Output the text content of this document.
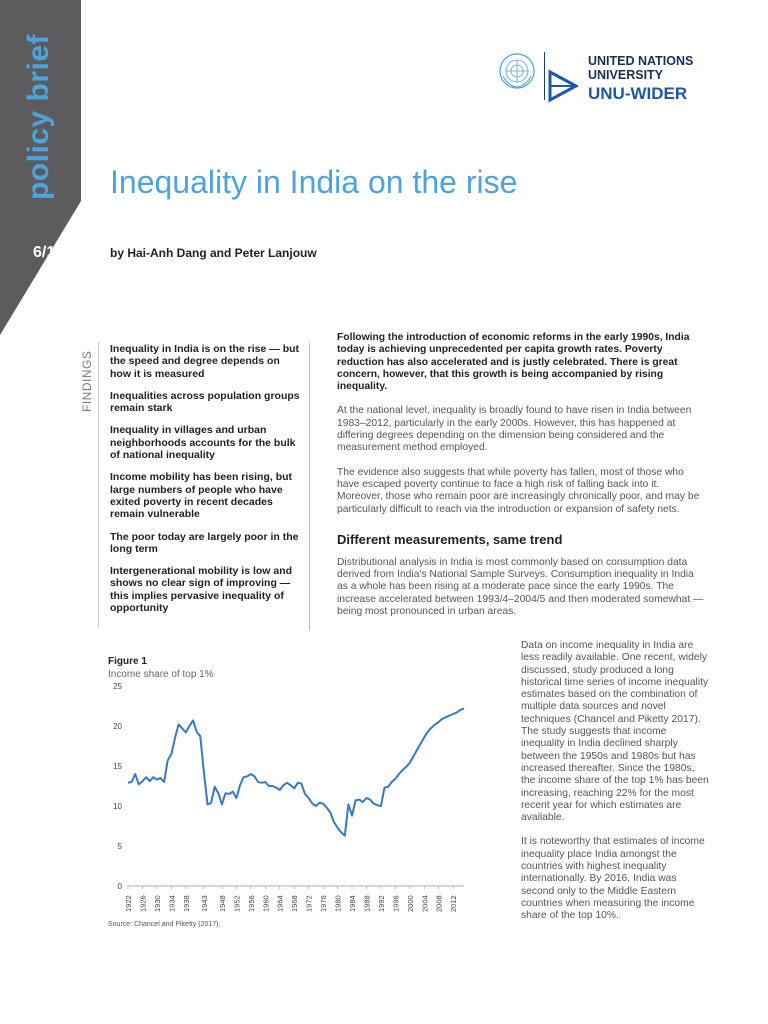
policy brief
6/18
UNITED NATIONS
UNIVERSITY
UNU-WIDER
Inequality in India on the rise
by Hai-Anh Dang and Peter Lanjouw
FINDINGS

Inequality in India is on the rise — but the speed and degree depends on how it is measured

Inequalities across population groups remain stark

Inequality in villages and urban neighborhoods accounts for the bulk of national inequality

Income mobility has been rising, but large numbers of people who have exited poverty in recent decades remain vulnerable

The poor today are largely poor in the long term

Intergenerational mobility is low and shows no clear sign of improving — this implies pervasive inequality of opportunity

Following the introduction of economic reforms in the early 1990s, India today is achieving unprecedented per capita growth rates. Poverty reduction has also accelerated and is justly celebrated. There is great concern, however, that this growth is being accompanied by rising inequality.

At the national level, inequality is broadly found to have risen in India between 1983–2012, particularly in the early 2000s. However, this has happened at differing degrees depending on the dimension being considered and the measurement method employed.

The evidence also suggests that while poverty has fallen, most of those who have escaped poverty continue to face a high risk of falling back into it. Moreover, those who remain poor are increasingly chronically poor, and may be particularly difficult to reach via the introduction or expansion of safety nets.

Different measurements, same trend

Distributional analysis in India is most commonly based on consumption data derived from India's National Sample Surveys. Consumption inequality in India as a whole has been rising at a moderate pace since the early 1990s. The increase accelerated between 1993/4–2004/5 and then moderated somewhat — being most pronounced in urban areas.

Data on income inequality in India are less readily available. One recent, widely discussed, study produced a long historical time series of income inequality estimates based on the combination of multiple data sources and novel techniques (Chancel and Piketty 2017). The study suggests that income inequality in India declined sharply between the 1950s and 1980s but has increased thereafter. Since the 1980s, the income share of the top 1% has been increasing, reaching 22% for the most recent year for which estimates are available.

It is noteworthy that estimates of income inequality place India amongst the countries with highest inequality internationally. By 2016, India was second only to the Middle Eastern countries when measuring the income share of the top 10%.

Figure 1
Income share of top 1%
0
5
10
15
20
25
1922 1926 1930 1934 1938 1943 1948 1952 1956 1960 1964 1968 1972 1976 1980 1984 1988 1992 1996 2000 2004 2008 2012
Source: Chancel and Piketty (2017).
